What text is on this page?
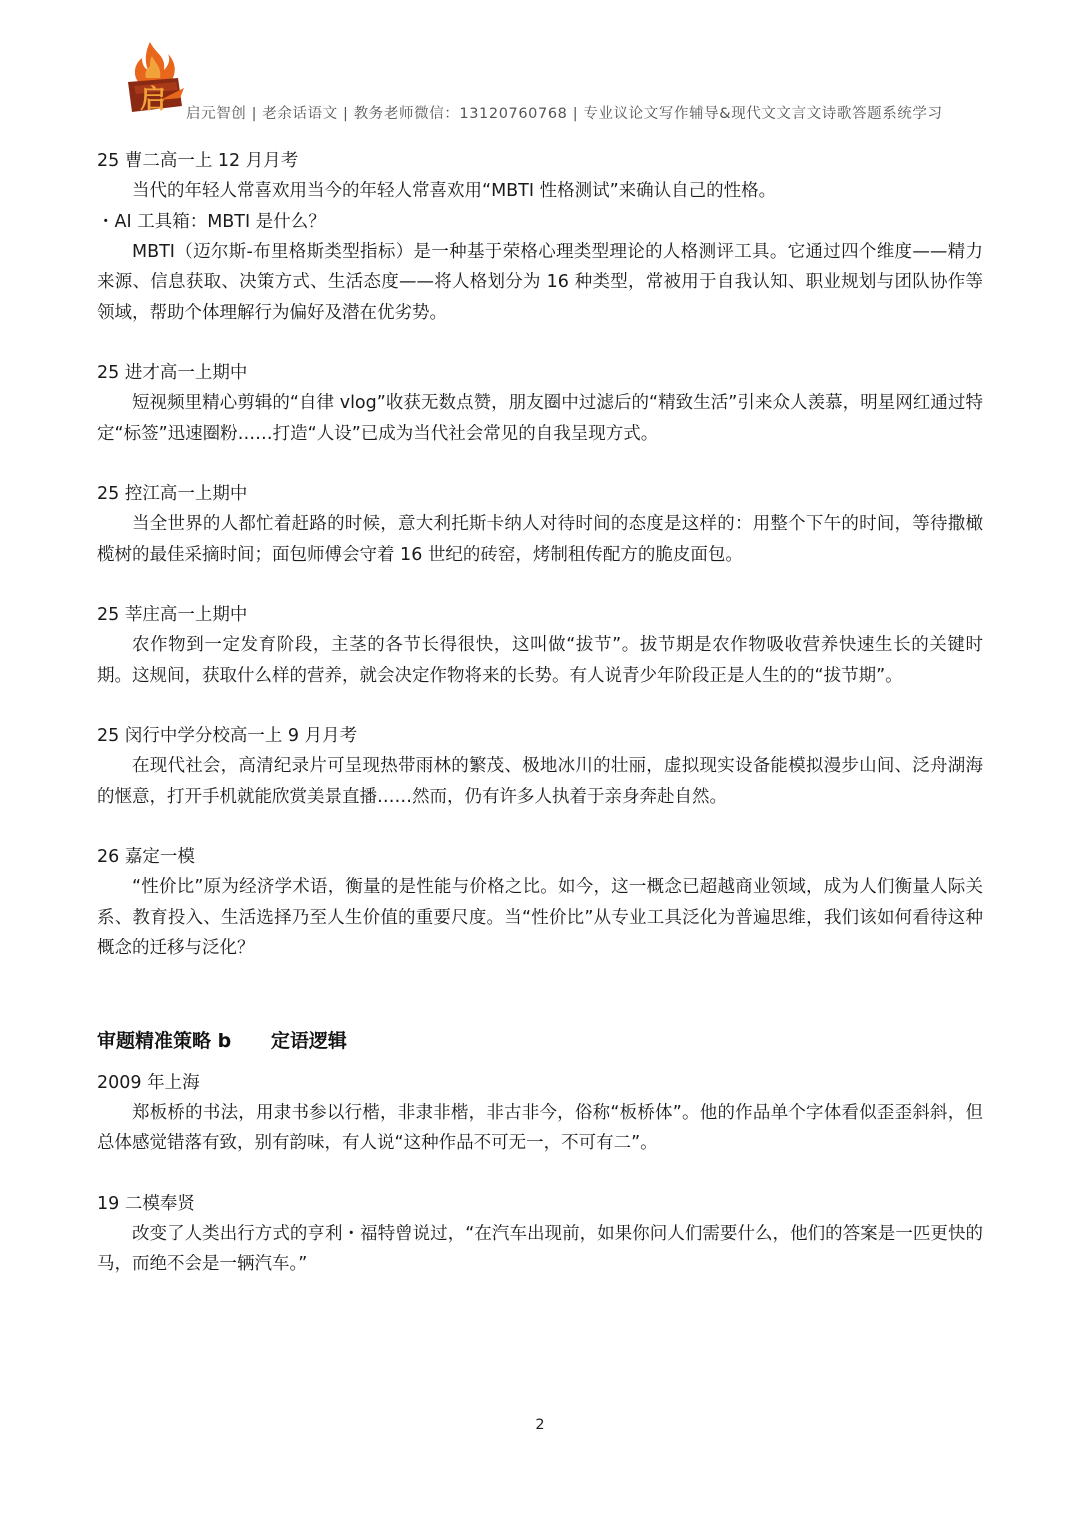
启 启元智创 | 老余话语文 | 教务老师微信：13120760768 | 专业议论文写作辅导&现代文文言文诗歌答题系统学习

25 曹二高一上 12 月月考

当代的年轻人常喜欢用当今的年轻人常喜欢用“MBTI 性格测试”来确认自己的性格。

・AI 工具箱：MBTI 是什么？

MBTI（迈尔斯-布里格斯类型指标）是一种基于荣格心理类型理论的人格测评工具。它通过四个维度——精力来源、信息获取、决策方式、生活态度——将人格划分为 16 种类型，常被用于自我认知、职业规划与团队协作等领域，帮助个体理解行为偏好及潜在优劣势。

25 进才高一上期中

短视频里精心剪辑的“自律 vlog”收获无数点赞，朋友圈中过滤后的“精致生活”引来众人羡慕，明星网红通过特定“标签”迅速圈粉……打造“人设”已成为当代社会常见的自我呈现方式。

25 控江高一上期中

当全世界的人都忙着赶路的时候，意大利托斯卡纳人对待时间的态度是这样的：用整个下午的时间，等待撒橄榄树的最佳采摘时间；面包师傅会守着 16 世纪的砖窑，烤制租传配方的脆皮面包。

25 莘庄高一上期中

农作物到一定发育阶段，主茎的各节长得很快，这叫做“拔节”。拔节期是农作物吸收营养快速生长的关键时期。这规间，获取什么样的营养，就会决定作物将来的长势。有人说青少年阶段正是人生的的“拔节期”。

25 闵行中学分校高一上 9 月月考

在现代社会，高清纪录片可呈现热带雨林的繁茂、极地冰川的壮丽，虚拟现实设备能模拟漫步山间、泛舟湖海的惬意，打开手机就能欣赏美景直播……然而，仍有许多人执着于亲身奔赴自然。

26 嘉定一模

“性价比”原为经济学术语，衡量的是性能与价格之比。如今，这一概念已超越商业领域，成为人们衡量人际关系、教育投入、生活选择乃至人生价值的重要尺度。当“性价比”从专业工具泛化为普遍思维，我们该如何看待这种概念的迁移与泛化？

审题精准策略 b      定语逻辑

2009 年上海

郑板桥的书法，用隶书参以行楷，非隶非楷，非古非今，俗称“板桥体”。他的作品单个字体看似歪歪斜斜，但总体感觉错落有致，别有韵味，有人说“这种作品不可无一，不可有二”。

19 二模奉贤

改变了人类出行方式的亨利・福特曾说过，“在汽车出现前，如果你问人们需要什么，他们的答案是一匹更快的马，而绝不会是一辆汽车。”

2
